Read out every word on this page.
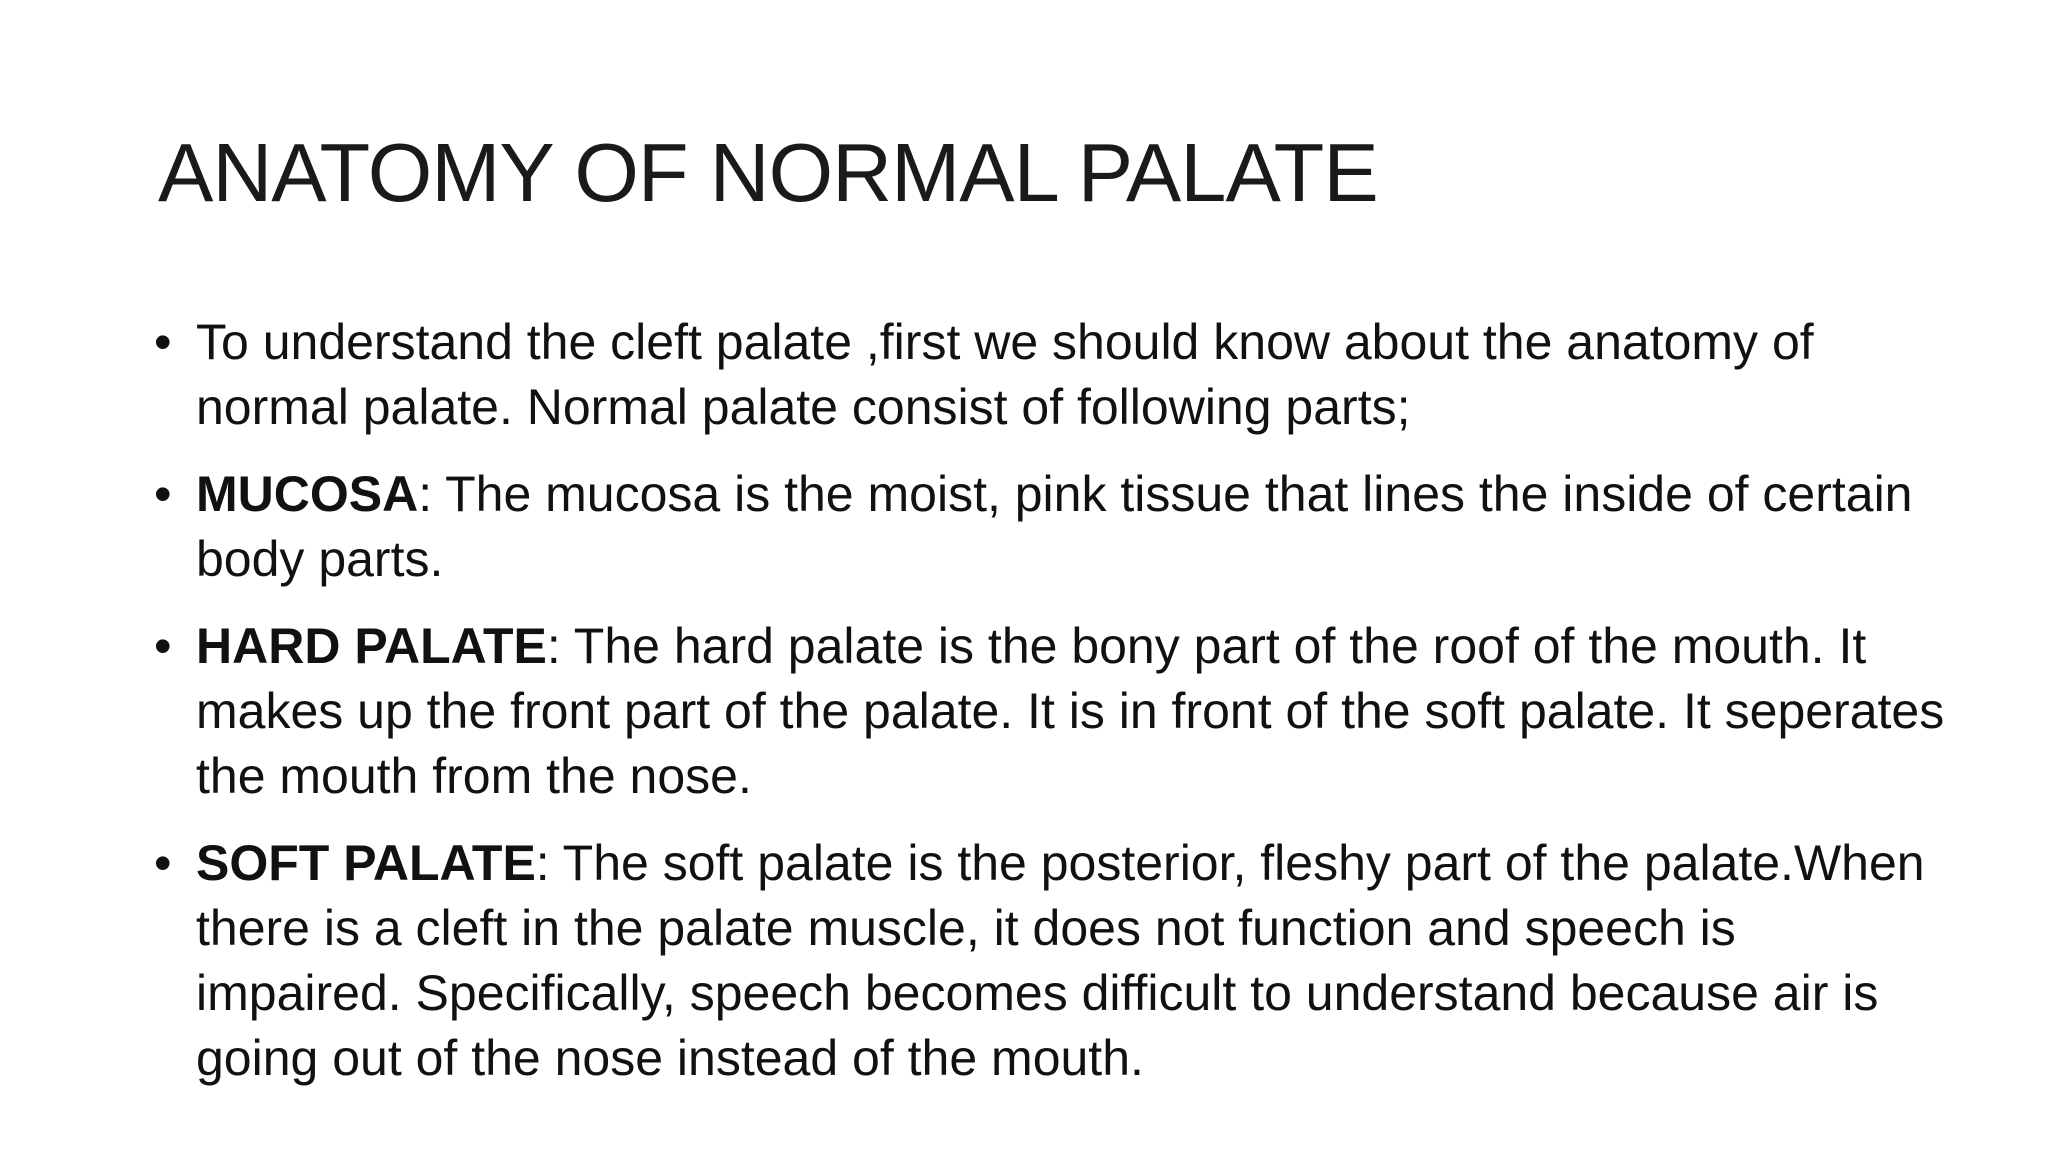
ANATOMY OF NORMAL PALATE
• To understand the cleft palate ,first we should know about the anatomy of normal palate. Normal palate consist of following parts;
• MUCOSA: The mucosa is the moist, pink tissue that lines the inside of certain body parts.
• HARD PALATE: The hard palate is the bony part of the roof of the mouth. It makes up the front part of the palate. It is in front of the soft palate. It seperates the mouth from the nose.
• SOFT PALATE: The soft palate is the posterior, fleshy part of the palate.When there is a cleft in the palate muscle, it does not function and speech is impaired. Specifically, speech becomes difficult to understand because air is going out of the nose instead of the mouth.
